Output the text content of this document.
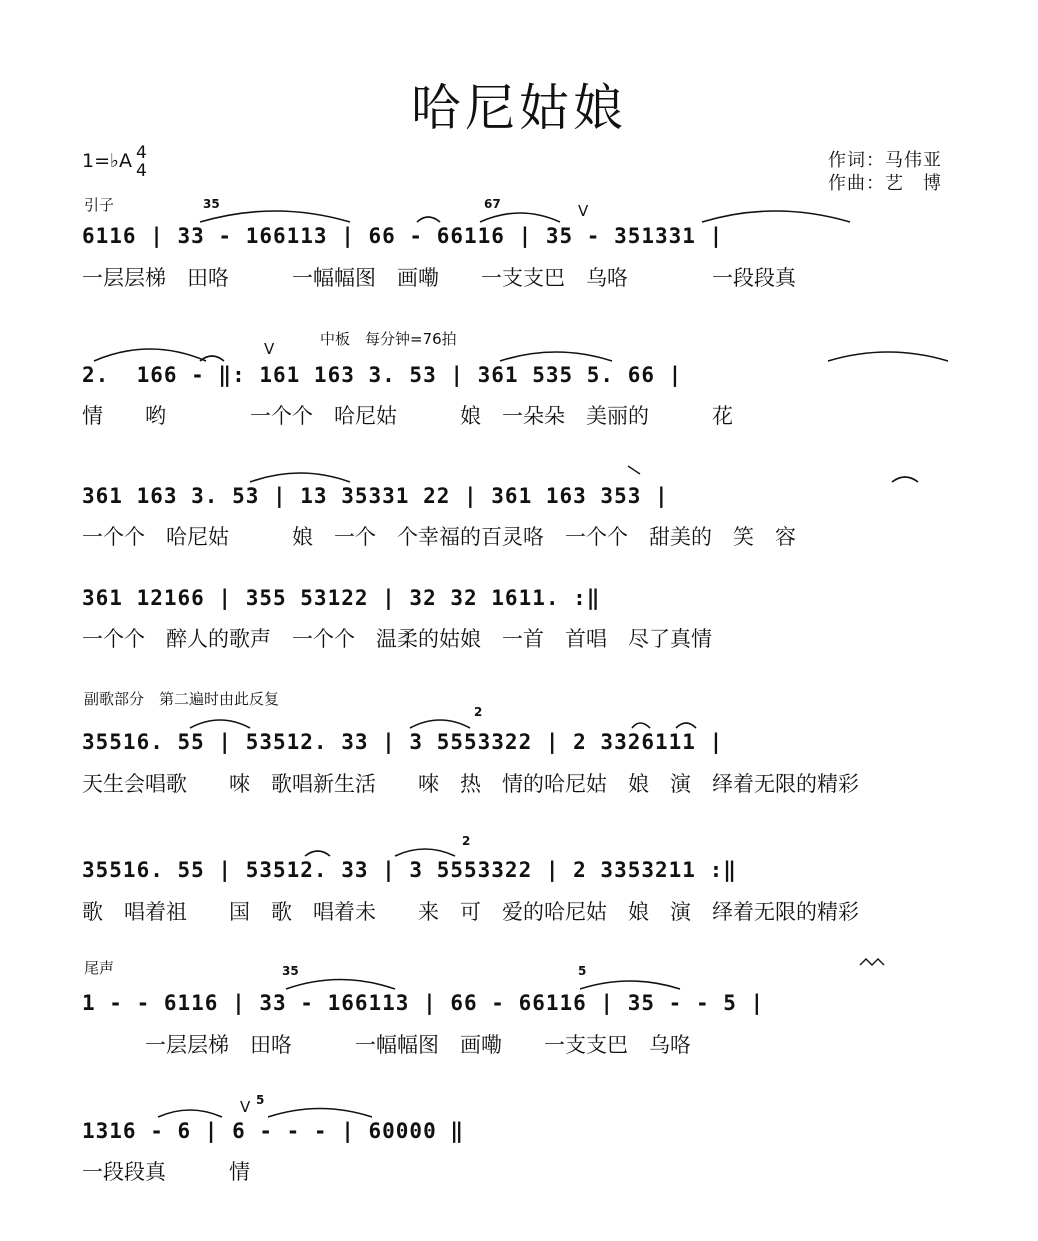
哈尼姑娘
1=♭A 4
4	作词：马伟亚
作曲：艺　博
引子
中板　每分钟=76拍
副歌部分　第二遍时由此反复
尾声
6116 | 33 - 166113 | 66 - 66116 | 35 - 351331 |
一层层梯　田咯　　　一幅幅图　画嘞　　一支支巴　乌咯　　　　一段段真
2.  166 - ‖: 161 163 3. 53 | 361 535 5. 66 |
情　　哟　　　　一个个　哈尼姑　　　娘　一朵朵　美丽的　　　花
361 163 3. 53 | 13 35331 22 | 361 163 353 |
一个个　哈尼姑　　　娘　一个　个幸福的百灵咯　一个个　甜美的　笑　容
361 12166 | 355 53122 | 32 32 1611. :‖
一个个　醉人的歌声　一个个　温柔的姑娘　一首　首唱　尽了真情
35516. 55 | 53512. 33 | 3 5553322 | 2 3326111 |
天生会唱歌　　唻　歌唱新生活　　唻　热　情的哈尼姑　娘　演　绎着无限的精彩
35516. 55 | 53512. 33 | 3 5553322 | 2 3353211 :‖
歌　唱着祖　　国　歌　唱着未　　来　可　爱的哈尼姑　娘　演　绎着无限的精彩
1 - - 6116 | 33 - 166113 | 66 - 66116 | 35 - - 5 |
　　　一层层梯　田咯　　　一幅幅图　画嘞　　一支支巴　乌咯
1316 - 6 | 6 - - - | 60000 ‖
一段段真　　　情
35	67
2
2
35	5
5
V
V
V
